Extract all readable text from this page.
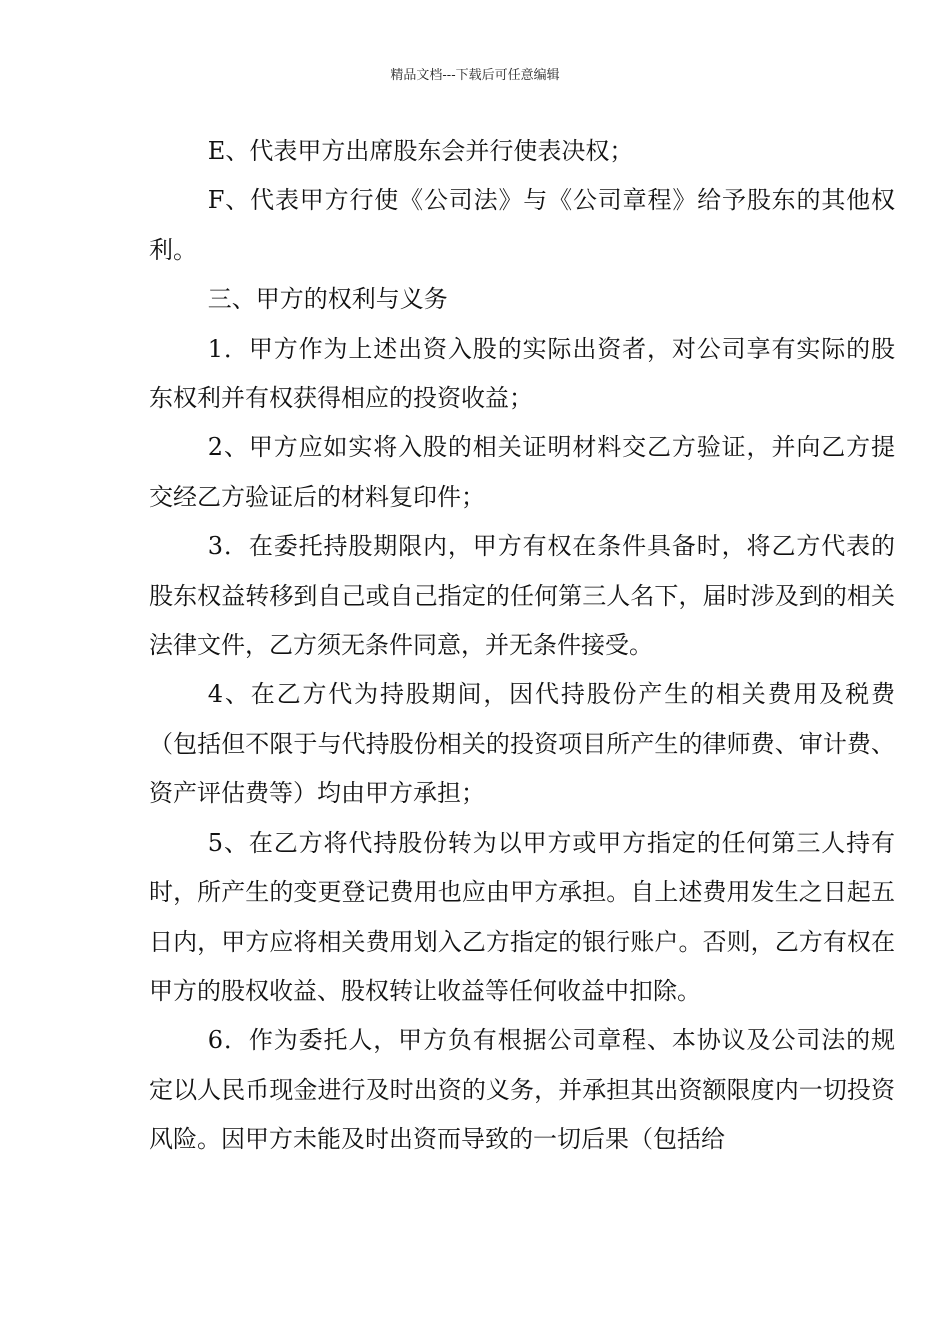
精品文档---下载后可任意编辑

E、代表甲方出席股东会并行使表决权；

F、代表甲方行使《公司法》与《公司章程》给予股东的其他权利。

三、甲方的权利与义务

1．甲方作为上述出资入股的实际出资者，对公司享有实际的股东权利并有权获得相应的投资收益；

2、甲方应如实将入股的相关证明材料交乙方验证，并向乙方提交经乙方验证后的材料复印件；

3．在委托持股期限内，甲方有权在条件具备时，将乙方代表的股东权益转移到自己或自己指定的任何第三人名下，届时涉及到的相关法律文件，乙方须无条件同意，并无条件接受。

4、在乙方代为持股期间，因代持股份产生的相关费用及税费（包括但不限于与代持股份相关的投资项目所产生的律师费、审计费、资产评估费等）均由甲方承担；

5、在乙方将代持股份转为以甲方或甲方指定的任何第三人持有时，所产生的变更登记费用也应由甲方承担。自上述费用发生之日起五日内，甲方应将相关费用划入乙方指定的银行账户。否则，乙方有权在甲方的股权收益、股权转让收益等任何收益中扣除。

6．作为委托人，甲方负有根据公司章程、本协议及公司法的规定以人民币现金进行及时出资的义务，并承担其出资额限度内一切投资风险。因甲方未能及时出资而导致的一切后果（包括给
